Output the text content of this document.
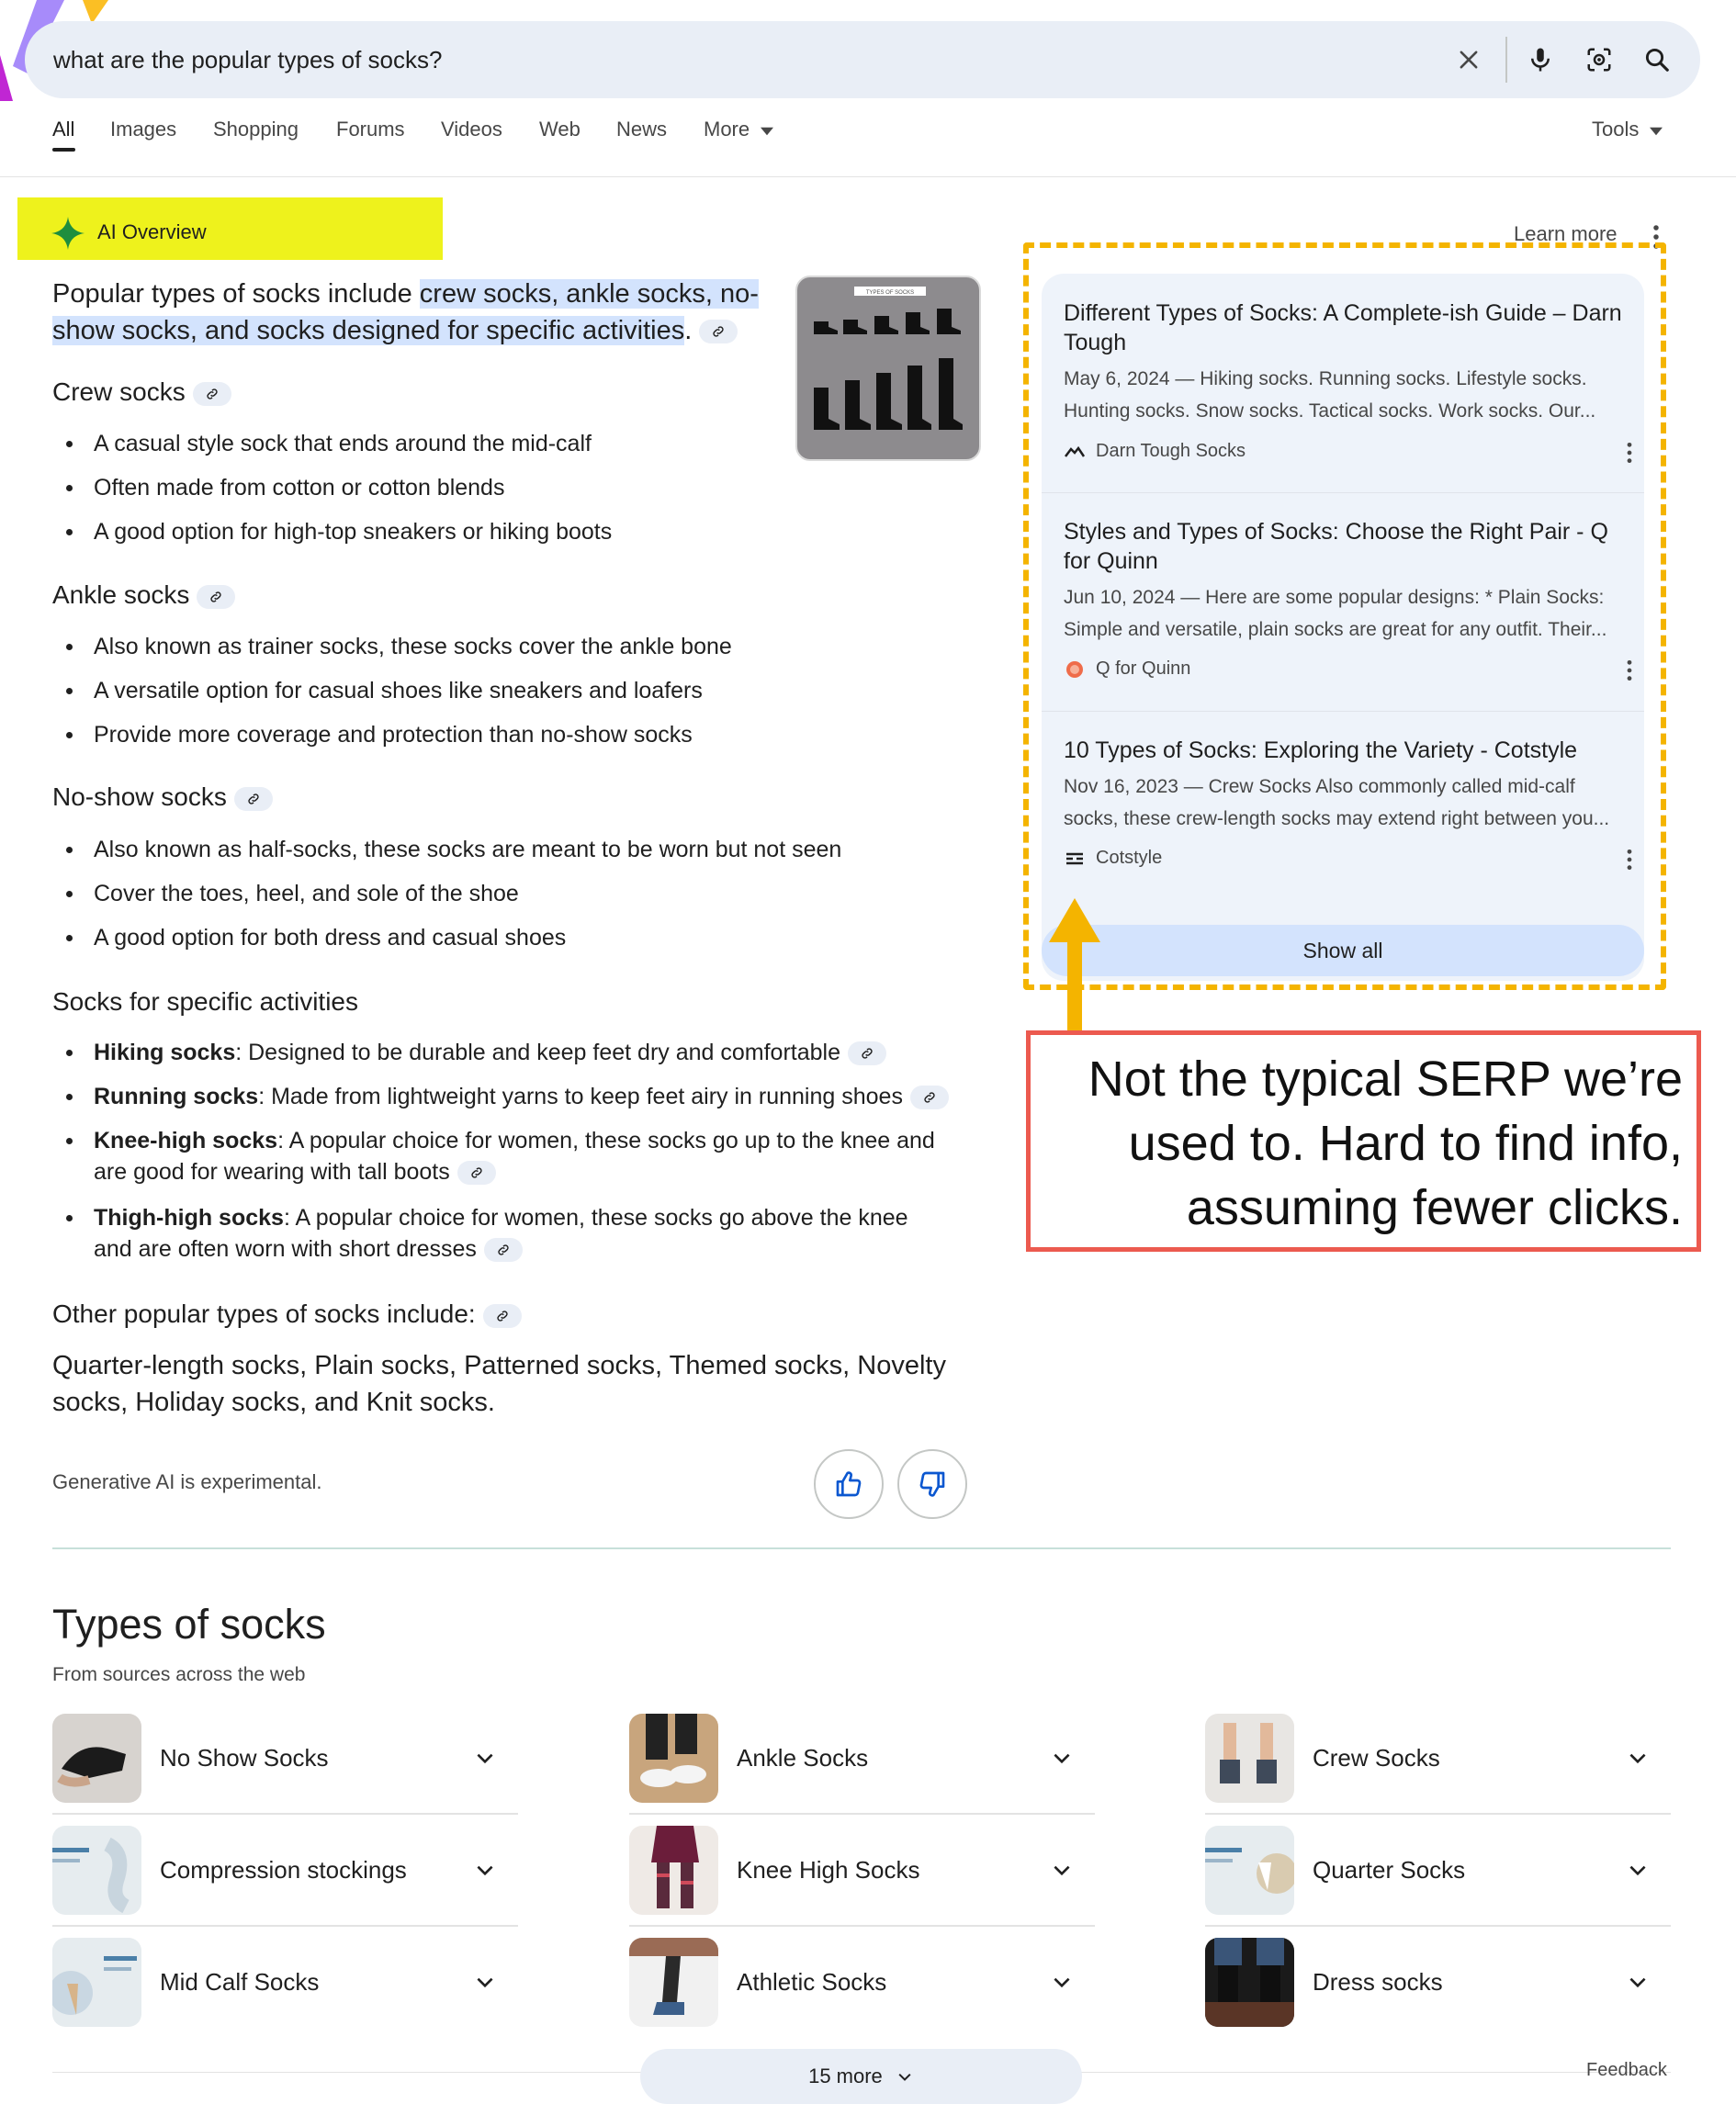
what are the popular types of socks?
All Images Shopping Forums Videos Web News More	Tools
AI Overview
Popular types of socks include crew socks, ankle socks, no-
show socks, and socks designed for specific activities.
TYPES OF SOCKS
Crew socks
A casual style sock that ends around the mid-calf
Often made from cotton or cotton blends
A good option for high-top sneakers or hiking boots
Ankle socks
Also known as trainer socks, these socks cover the ankle bone
A versatile option for casual shoes like sneakers and loafers
Provide more coverage and protection than no-show socks
No-show socks
Also known as half-socks, these socks are meant to be worn but not seen
Cover the toes, heel, and sole of the shoe
A good option for both dress and casual shoes
Socks for specific activities
Hiking socks: Designed to be durable and keep feet dry and comfortable
Running socks: Made from lightweight yarns to keep feet airy in running shoes
Knee-high socks: A popular choice for women, these socks go up to the knee and
are good for wearing with tall boots
Thigh-high socks: A popular choice for women, these socks go above the knee
and are often worn with short dresses
Other popular types of socks include:
Quarter-length socks, Plain socks, Patterned socks, Themed socks, Novelty
socks, Holiday socks, and Knit socks.
Generative AI is experimental.
Learn more
Different Types of Socks: A Complete-ish Guide – Darn
Tough
May 6, 2024 — Hiking socks. Running socks. Lifestyle socks.
Hunting socks. Snow socks. Tactical socks. Work socks. Our...
Darn Tough Socks
Styles and Types of Socks: Choose the Right Pair - Q
for Quinn
Jun 10, 2024 — Here are some popular designs: * Plain Socks:
Simple and versatile, plain socks are great for any outfit. Their...
Q for Quinn
10 Types of Socks: Exploring the Variety - Cotstyle
Nov 16, 2023 — Crew Socks Also commonly called mid-calf
socks, these crew-length socks may extend right between you...
Cotstyle
Show all
Not the typical SERP we’re
used to. Hard to find info,
assuming fewer clicks.
Types of socks
From sources across the web
No Show Socks	Ankle Socks	Crew Socks
Compression stockings	Knee High Socks	Quarter Socks
Mid Calf Socks	Athletic Socks	Dress socks
15 more	Feedback
